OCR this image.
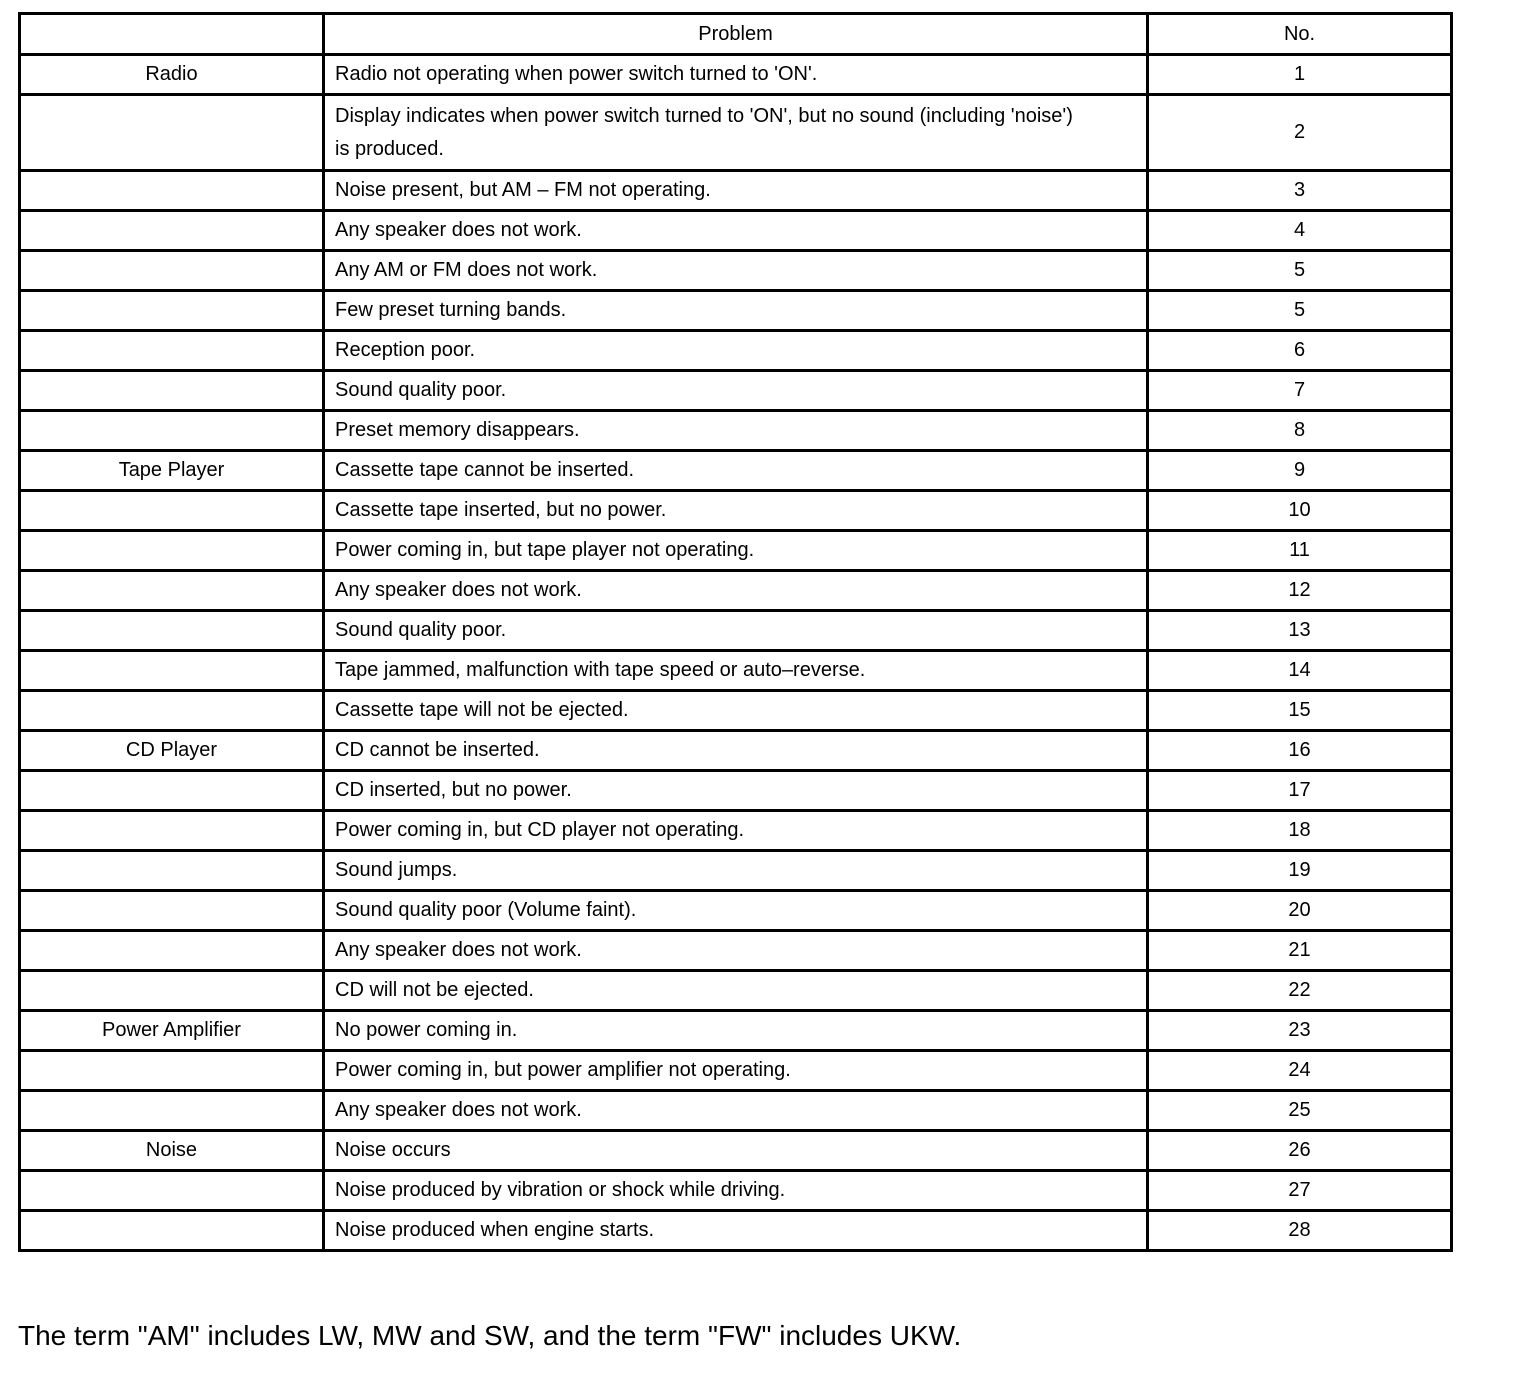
	Problem	No.
Radio	Radio not operating when power switch turned to 'ON'.	1
	Display indicates when power switch turned to 'ON', but no sound (including 'noise') is produced.	2
	Noise present, but AM – FM not operating.	3
	Any speaker does not work.	4
	Any AM or FM does not work.	5
	Few preset turning bands.	5
	Reception poor.	6
	Sound quality poor.	7
	Preset memory disappears.	8
Tape Player	Cassette tape cannot be inserted.	9
	Cassette tape inserted, but no power.	10
	Power coming in, but tape player not operating.	11
	Any speaker does not work.	12
	Sound quality poor.	13
	Tape jammed, malfunction with tape speed or auto–reverse.	14
	Cassette tape will not be ejected.	15
CD Player	CD cannot be inserted.	16
	CD inserted, but no power.	17
	Power coming in, but CD player not operating.	18
	Sound jumps.	19
	Sound quality poor (Volume faint).	20
	Any speaker does not work.	21
	CD will not be ejected.	22
Power Amplifier	No power coming in.	23
	Power coming in, but power amplifier not operating.	24
	Any speaker does not work.	25
Noise	Noise occurs	26
	Noise produced by vibration or shock while driving.	27
	Noise produced when engine starts.	28
The term "AM" includes LW, MW and SW, and the term "FW" includes UKW.
